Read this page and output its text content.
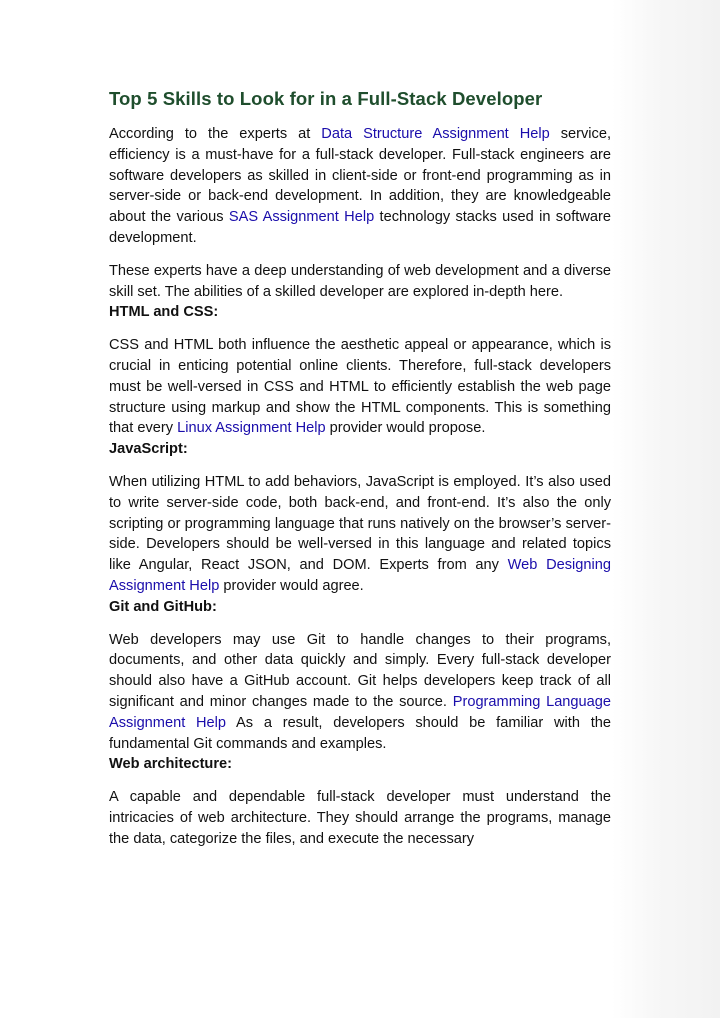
Top 5 Skills to Look for in a Full-Stack Developer

According to the experts at Data Structure Assignment Help service, efficiency is a must-have for a full-stack developer. Full-stack engineers are software developers as skilled in client-side or front-end programming as in server-side or back-end development. In addition, they are knowledgeable about the various SAS Assignment Help technology stacks used in software development.

These experts have a deep understanding of web development and a diverse skill set. The abilities of a skilled developer are explored in-depth here.

HTML and CSS:

CSS and HTML both influence the aesthetic appeal or appearance, which is crucial in enticing potential online clients. Therefore, full-stack developers must be well-versed in CSS and HTML to efficiently establish the web page structure using markup and show the HTML components. This is something that every Linux Assignment Help provider would propose.

JavaScript:

When utilizing HTML to add behaviors, JavaScript is employed. It’s also used to write server-side code, both back-end, and front-end. It’s also the only scripting or programming language that runs natively on the browser’s server-side. Developers should be well-versed in this language and related topics like Angular, React JSON, and DOM. Experts from any Web Designing Assignment Help provider would agree.

Git and GitHub:

Web developers may use Git to handle changes to their programs, documents, and other data quickly and simply. Every full-stack developer should also have a GitHub account. Git helps developers keep track of all significant and minor changes made to the source. Programming Language Assignment Help As a result, developers should be familiar with the fundamental Git commands and examples.

Web architecture:

A capable and dependable full-stack developer must understand the intricacies of web architecture. They should arrange the programs, manage the data, categorize the files, and execute the necessary
